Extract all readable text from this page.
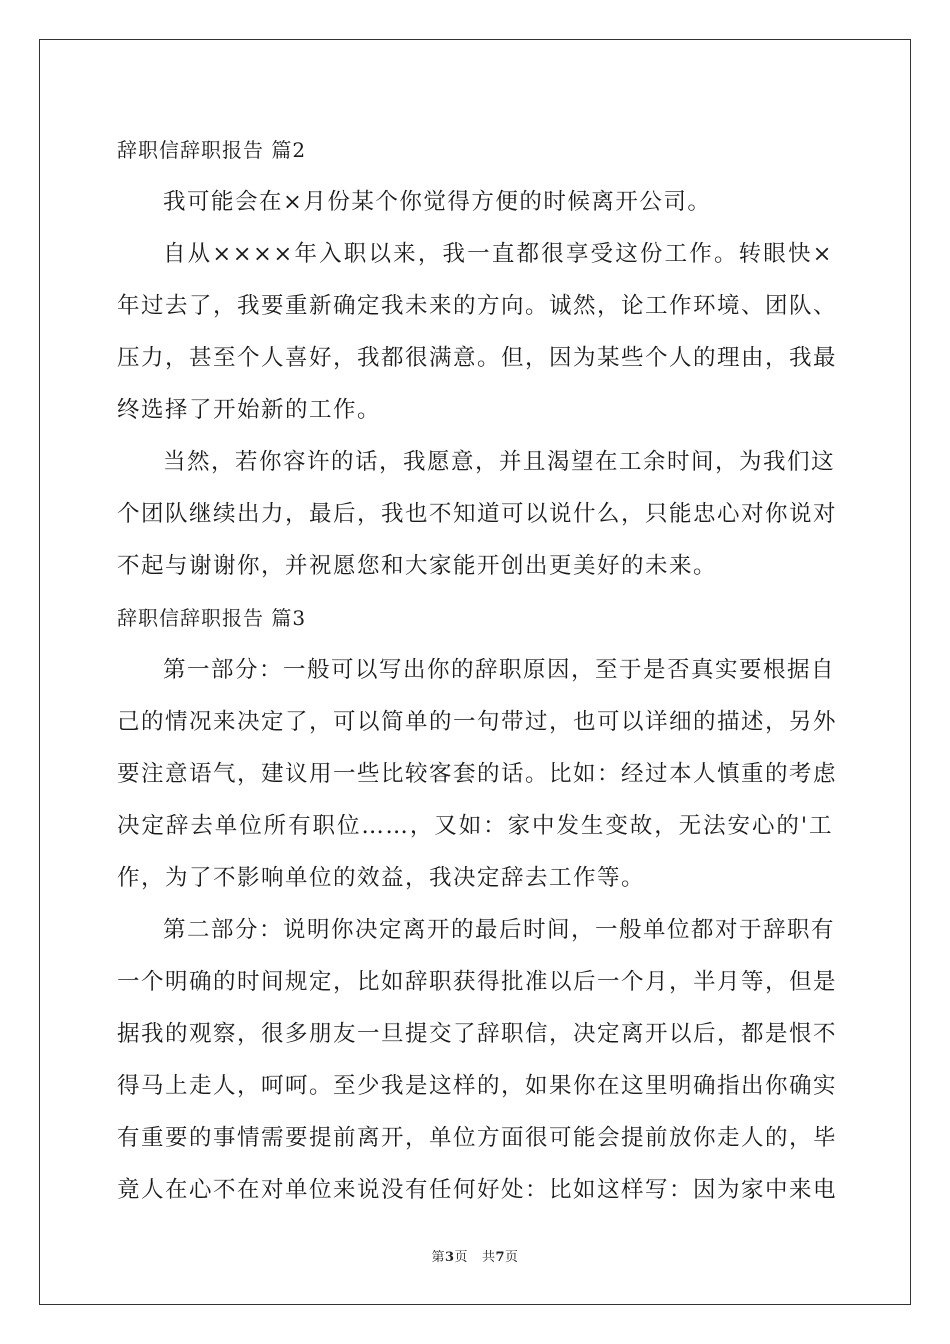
辞职信辞职报告 篇2
我可能会在×月份某个你觉得方便的时候离开公司。
自从××××年入职以来，我一直都很享受这份工作。转眼快×
年过去了，我要重新确定我未来的方向。诚然，论工作环境、团队、
压力，甚至个人喜好，我都很满意。但，因为某些个人的理由，我最
终选择了开始新的工作。
当然，若你容许的话，我愿意，并且渴望在工余时间，为我们这
个团队继续出力，最后，我也不知道可以说什么，只能忠心对你说对
不起与谢谢你，并祝愿您和大家能开创出更美好的未来。
辞职信辞职报告 篇3
第一部分：一般可以写出你的辞职原因，至于是否真实要根据自
己的情况来决定了，可以简单的一句带过，也可以详细的描述，另外
要注意语气，建议用一些比较客套的话。比如：经过本人慎重的考虑
决定辞去单位所有职位……，又如：家中发生变故，无法安心的'工
作，为了不影响单位的效益，我决定辞去工作等。
第二部分：说明你决定离开的最后时间，一般单位都对于辞职有
一个明确的时间规定，比如辞职获得批准以后一个月，半月等，但是
据我的观察，很多朋友一旦提交了辞职信，决定离开以后，都是恨不
得马上走人，呵呵。至少我是这样的，如果你在这里明确指出你确实
有重要的事情需要提前离开，单位方面很可能会提前放你走人的，毕
竟人在心不在对单位来说没有任何好处：比如这样写：因为家中来电
第3页 共7页
